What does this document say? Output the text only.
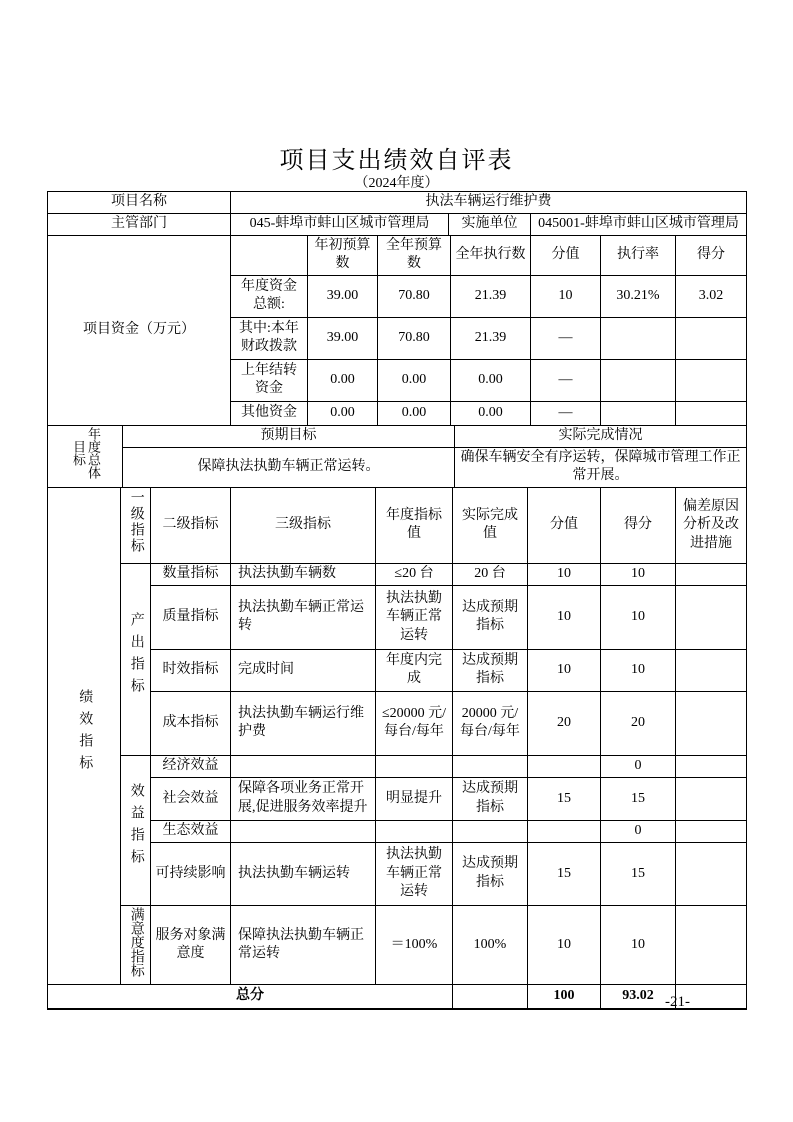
项目支出绩效自评表
（2024年度）
项目名称	执法车辆运行维护费		
主管部门	045-蚌埠市蚌山区城市管理局	实施单位	045001-蚌埠市蚌山区城市管理局
项目资金（万元）		年初预算数	全年预算数	全年执行数	分值	执行率	得分
	年度资金总额:	39.00	70.80	21.39	10	30.21%	3.02
	其中:本年财政拨款	39.00	70.80	21.39	—		
	上年结转资金	0.00	0.00	0.00	—		
	其他资金	0.00	0.00	0.00	—		
年度总体目标	预期目标	实际完成情况
	保障执法执勤车辆正常运转。	确保车辆安全有序运转，保障城市管理工作正常开展。
绩效指标	一级指标	二级指标	三级指标	年度指标值	实际完成值	分值	得分	偏差原因分析及改进措施
	产出指标	数量指标	执法执勤车辆数	≤20 台	20 台	10	10	
		质量指标	执法执勤车辆正常运转	执法执勤车辆正常运转	达成预期指标	10	10	
		时效指标	完成时间	年度内完成	达成预期指标	10	10	
		成本指标	执法执勤车辆运行维护费	≤20000 元/每台/每年	20000 元/每台/每年	20	20	
	效益指标	经济效益					0	
		社会效益	保障各项业务正常开展,促进服务效率提升	明显提升	达成预期指标	15	15	
		生态效益					0	
		可持续影响	执法执勤车辆运转	执法执勤车辆正常运转	达成预期指标	15	15	
	满意度指标	服务对象满意度	保障执法执勤车辆正常运转	＝100%	100%	10	10	
总分						100	93.02	-21-
